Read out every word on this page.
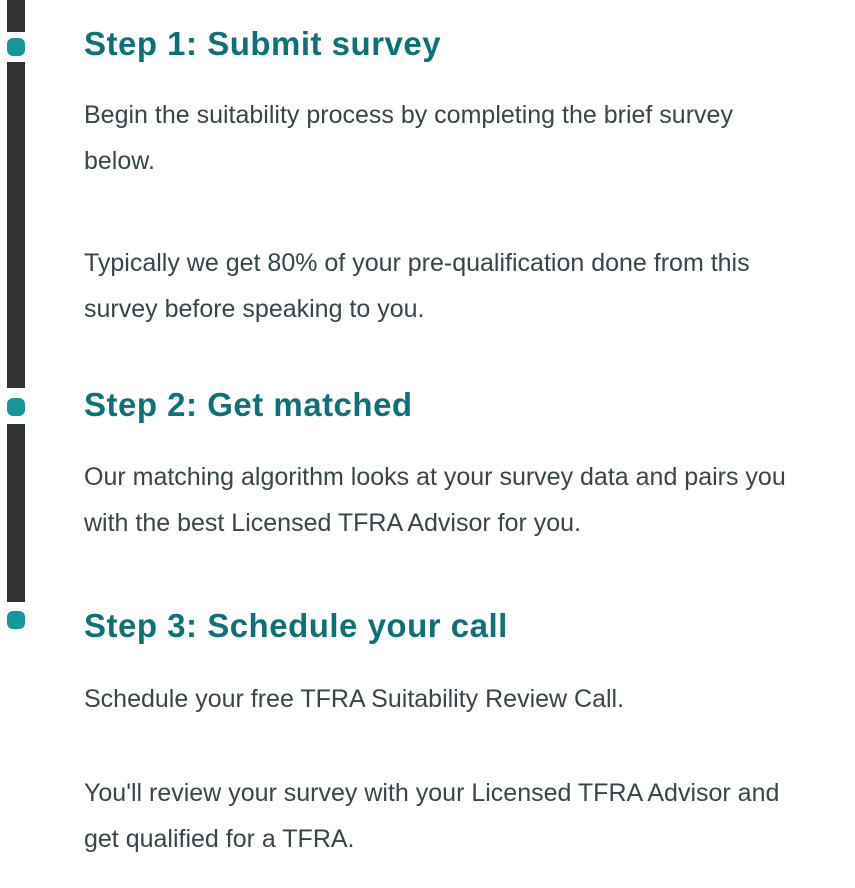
Step 1: Submit survey

Begin the suitability process by completing the brief survey below.

Typically we get 80% of your pre-qualification done from this survey before speaking to you.

Step 2: Get matched

Our matching algorithm looks at your survey data and pairs you with the best Licensed TFRA Advisor for you.

Step 3: Schedule your call

Schedule your free TFRA Suitability Review Call.

You'll review your survey with your Licensed TFRA Advisor and get qualified for a TFRA.
